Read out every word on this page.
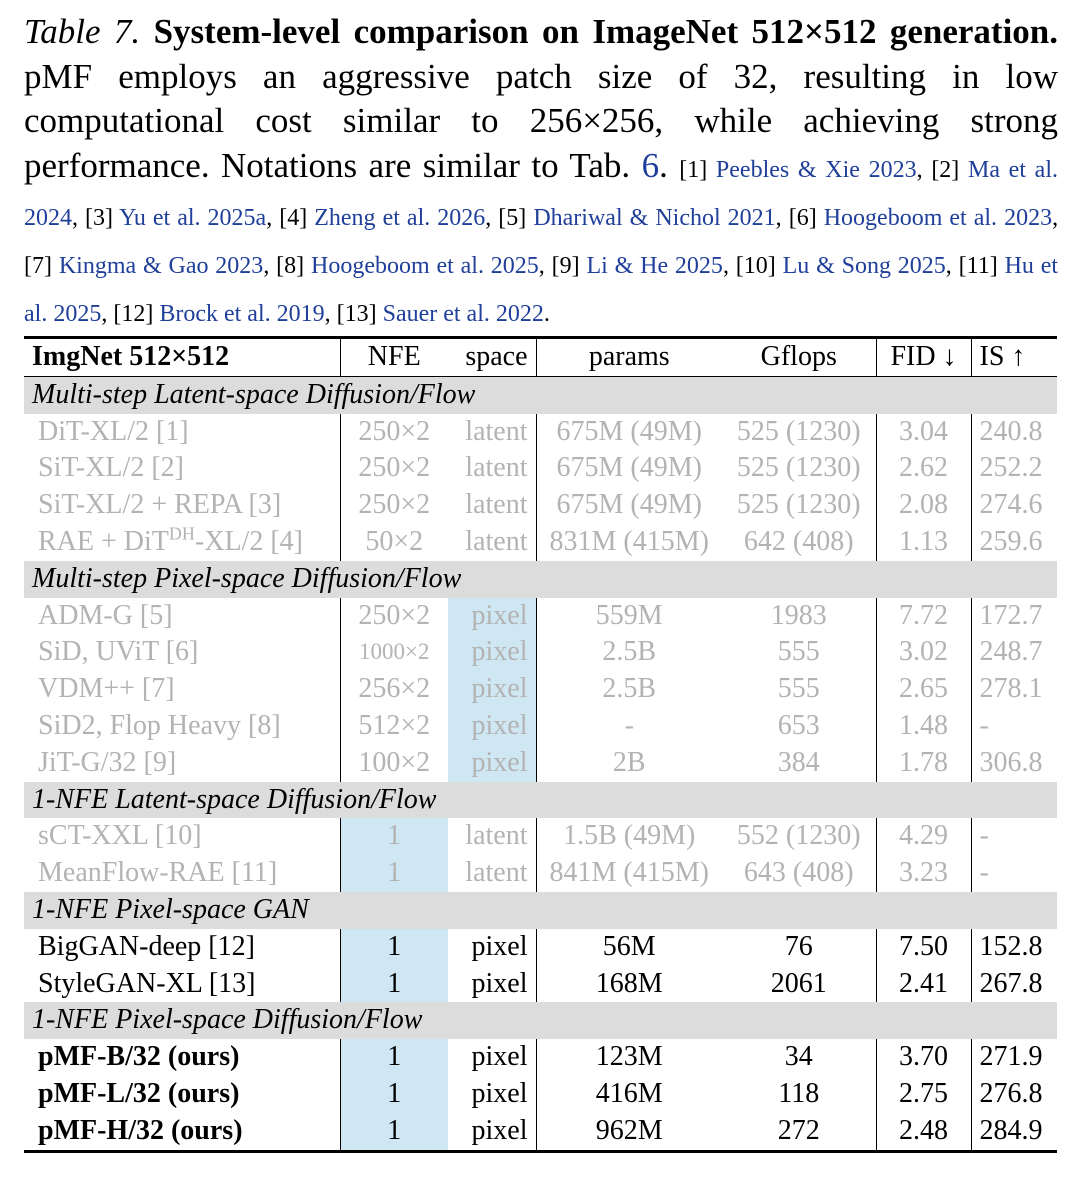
Table 7. System-level comparison on ImageNet 512×512 generation. pMF employs an aggressive patch size of 32, resulting in low computational cost similar to 256×256, while achieving strong performance. Notations are similar to Tab. 6. [1] Peebles & Xie 2023, [2] Ma et al. 2024, [3] Yu et al. 2025a, [4] Zheng et al. 2026, [5] Dhariwal & Nichol 2021, [6] Hoogeboom et al. 2023, [7] Kingma & Gao 2023, [8] Hoogeboom et al. 2025, [9] Li & He 2025, [10] Lu & Song 2025, [11] Hu et al. 2025, [12] Brock et al. 2019, [13] Sauer et al. 2022.
ImgNet 512×512	NFE	space	params	Gflops	FID ↓	IS ↑
Multi-step Latent-space Diffusion/Flow						
DiT-XL/2 [1]	250×2	latent	675M (49M)	525 (1230)	3.04	240.8
SiT-XL/2 [2]	250×2	latent	675M (49M)	525 (1230)	2.62	252.2
SiT-XL/2 + REPA [3]	250×2	latent	675M (49M)	525 (1230)	2.08	274.6
RAE + DiT$^{DH}$-XL/2 [4]	50×2	latent	831M (415M)	642 (408)	1.13	259.6
Multi-step Pixel-space Diffusion/Flow						
ADM-G [5]	250×2	pixel	559M	1983	7.72	172.7
SiD, UViT [6]	1000×2	pixel	2.5B	555	3.02	248.7
VDM++ [7]	256×2	pixel	2.5B	555	2.65	278.1
SiD2, Flop Heavy [8]	512×2	pixel	-	653	1.48	-
JiT-G/32 [9]	100×2	pixel	2B	384	1.78	306.8
1-NFE Latent-space Diffusion/Flow						
sCT-XXL [10]	1	latent	1.5B (49M)	552 (1230)	4.29	-
MeanFlow-RAE [11]	1	latent	841M (415M)	643 (408)	3.23	-
1-NFE Pixel-space GAN						
BigGAN-deep [12]	1	pixel	56M	76	7.50	152.8
StyleGAN-XL [13]	1	pixel	168M	2061	2.41	267.8
1-NFE Pixel-space Diffusion/Flow						
pMF-B/32 (ours)	1	pixel	123M	34	3.70	271.9
pMF-L/32 (ours)	1	pixel	416M	118	2.75	276.8
pMF-H/32 (ours)	1	pixel	962M	272	2.48	284.9
